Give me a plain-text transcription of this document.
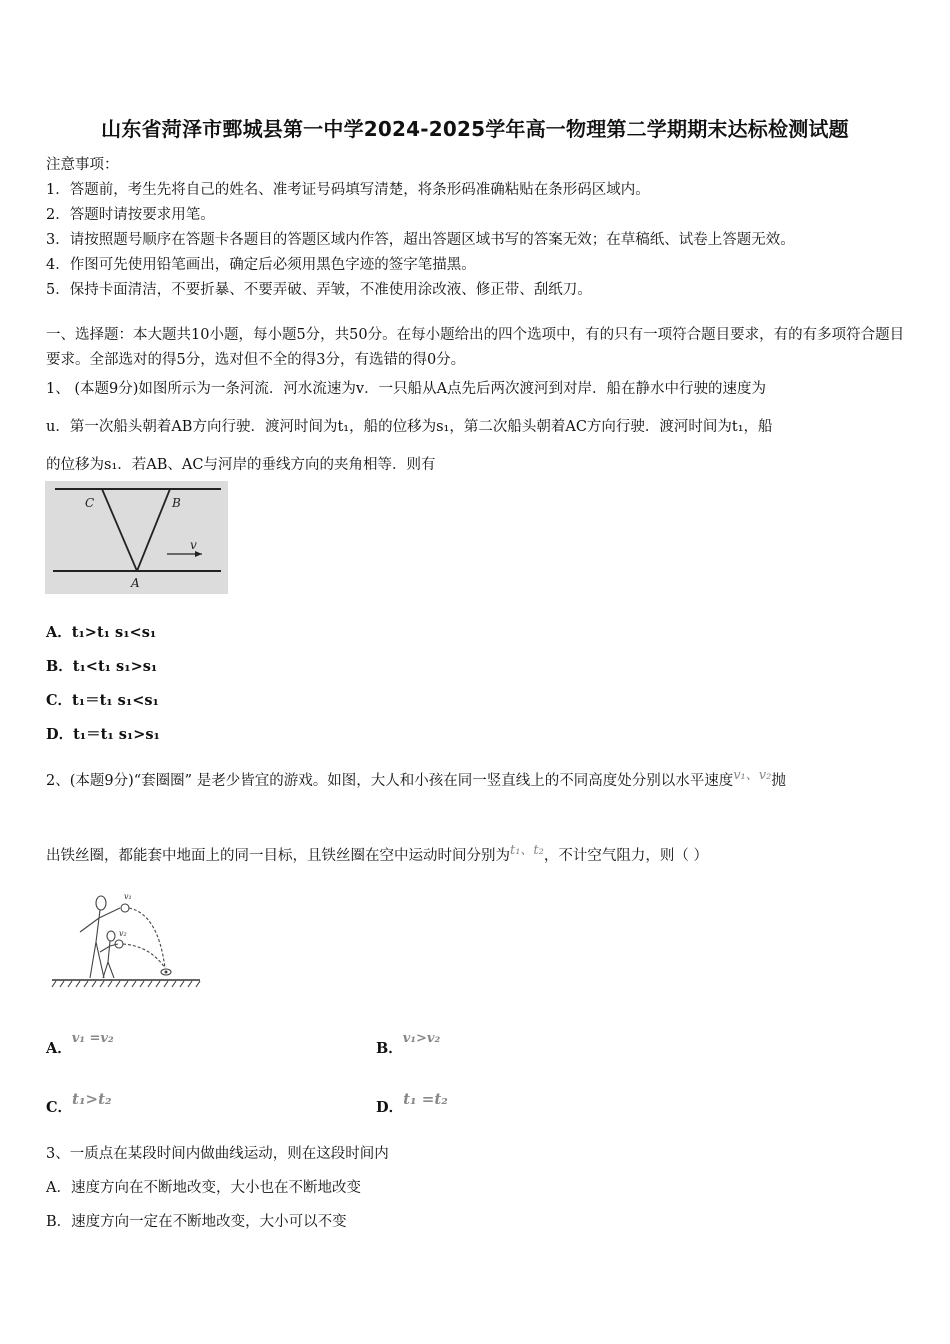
山东省菏泽市鄄城县第一中学2024-2025学年高一物理第二学期期末达标检测试题
注意事项：
1．答题前，考生先将自己的姓名、准考证号码填写清楚，将条形码准确粘贴在条形码区域内。
2．答题时请按要求用笔。
3．请按照题号顺序在答题卡各题目的答题区域内作答，超出答题区域书写的答案无效；在草稿纸、试卷上答题无效。
4．作图可先使用铅笔画出，确定后必须用黑色字迹的签字笔描黑。
5．保持卡面清洁，不要折暴、不要弄破、弄皱，不准使用涂改液、修正带、刮纸刀。
一、选择题：本大题共10小题，每小题5分，共50分。在每小题给出的四个选项中，有的只有一项符合题目要求，有的有多项符合题目要求。全部选对的得5分，选对但不全的得3分，有选错的得0分。
1、 (本题9分)如图所示为一条河流．河水流速为v．一只船从A点先后两次渡河到对岸．船在静水中行驶的速度为
u．第一次船头朝着AB方向行驶．渡河时间为t₁，船的位移为s₁，第二次船头朝着AC方向行驶．渡河时间为t₁，船
的位移为s₁．若AB、AC与河岸的垂线方向的夹角相等．则有
C	B
v
A
A．t₁>t₁ s₁<s₁
B．t₁<t₁ s₁>s₁
C．t₁＝t₁ s₁<s₁
D．t₁＝t₁ s₁>s₁
2、(本题9分)“套圈圈” 是老少皆宜的游戏。如图，大人和小孩在同一竖直线上的不同高度处分别以水平速度v₁、v₂抛
出铁丝圈，都能套中地面上的同一目标，且铁丝圈在空中运动时间分别为t₁、t₂，不计空气阻力，则（ ）
v₁
v₂
A．v₁ =v₂
B．v₁>v₂
C．t₁>t₂	D．t₁ =t₂
3、一质点在某段时间内做曲线运动，则在这段时间内
A．速度方向在不断地改变，大小也在不断地改变
B．速度方向一定在不断地改变，大小可以不变
